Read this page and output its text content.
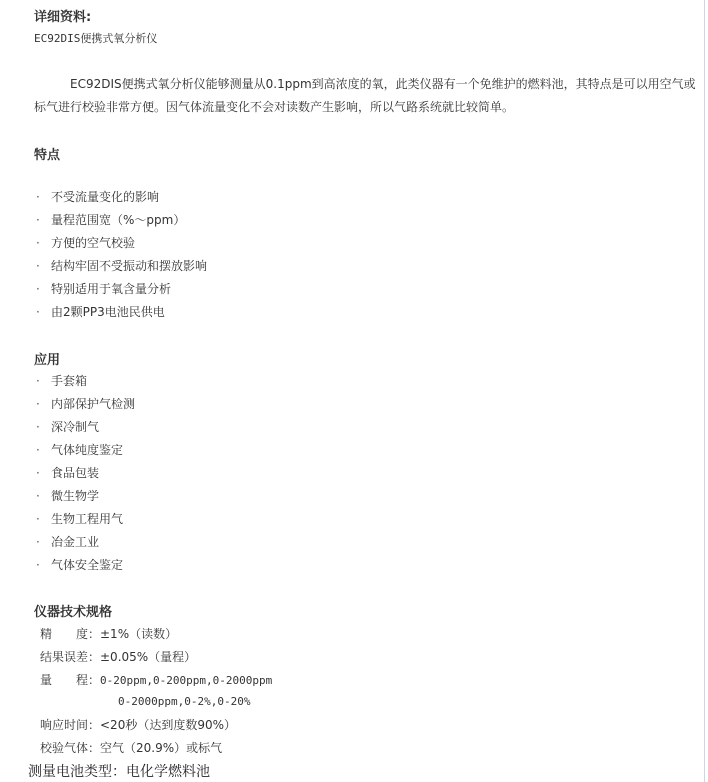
详细资料:
EC92DIS便携式氧分析仪
EC92DIS便携式氧分析仪能够测量从0.1ppm到高浓度的氧，此类仪器有一个免维护的燃料池，其特点是可以用空气或
标气进行校验非常方便。因气体流量变化不会对读数产生影响，所以气路系统就比较简单。
特点
· 不受流量变化的影响
· 量程范围宽（%～ppm）
· 方便的空气校验
· 结构牢固不受振动和摆放影响
· 特别适用于氧含量分析
· 由2颗PP3电池民供电
应用
· 手套箱
· 内部保护气检测
· 深冷制气
· 气体纯度鉴定
· 食品包装
· 微生物学
· 生物工程用气
· 冶金工业
· 气体安全鉴定
仪器技术规格
精　　度：±1%（读数）
结果误差：±0.05%（量程）
量　　程：0-20ppm,0-200ppm,0-2000ppm
0-2000ppm,0-2%,0-20%
响应时间：<20秒（达到度数90%）
校验气体：空气（20.9%）或标气
测量电池类型：电化学燃料池
